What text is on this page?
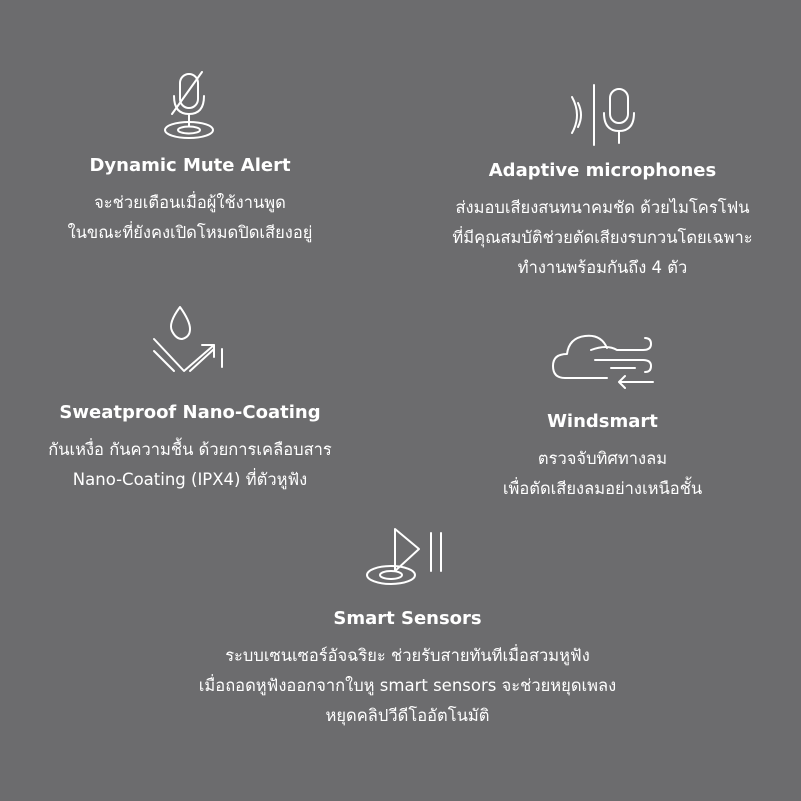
Dynamic Mute Alert
จะช่วยเตือนเมื่อผู้ใช้งานพูด
ในขณะที่ยังคงเปิดโหมดปิดเสียงอยู่
Adaptive microphones
ส่งมอบเสียงสนทนาคมชัด ด้วยไมโครโฟน
ที่มีคุณสมบัติช่วยตัดเสียงรบกวนโดยเฉพาะ
ทำงานพร้อมกันถึง 4 ตัว
Sweatproof Nano-Coating
กันเหงื่อ กันความชื้น ด้วยการเคลือบสาร
Nano-Coating (IPX4) ที่ตัวหูฟัง
Windsmart
ตรวจจับทิศทางลม
เพื่อตัดเสียงลมอย่างเหนือชั้น
Smart Sensors
ระบบเซนเซอร์อัจฉริยะ ช่วยรับสายทันทีเมื่อสวมหูฟัง
เมื่อถอดหูฟังออกจากใบหู smart sensors จะช่วยหยุดเพลง
หยุดคลิปวีดีโออัตโนมัติ
